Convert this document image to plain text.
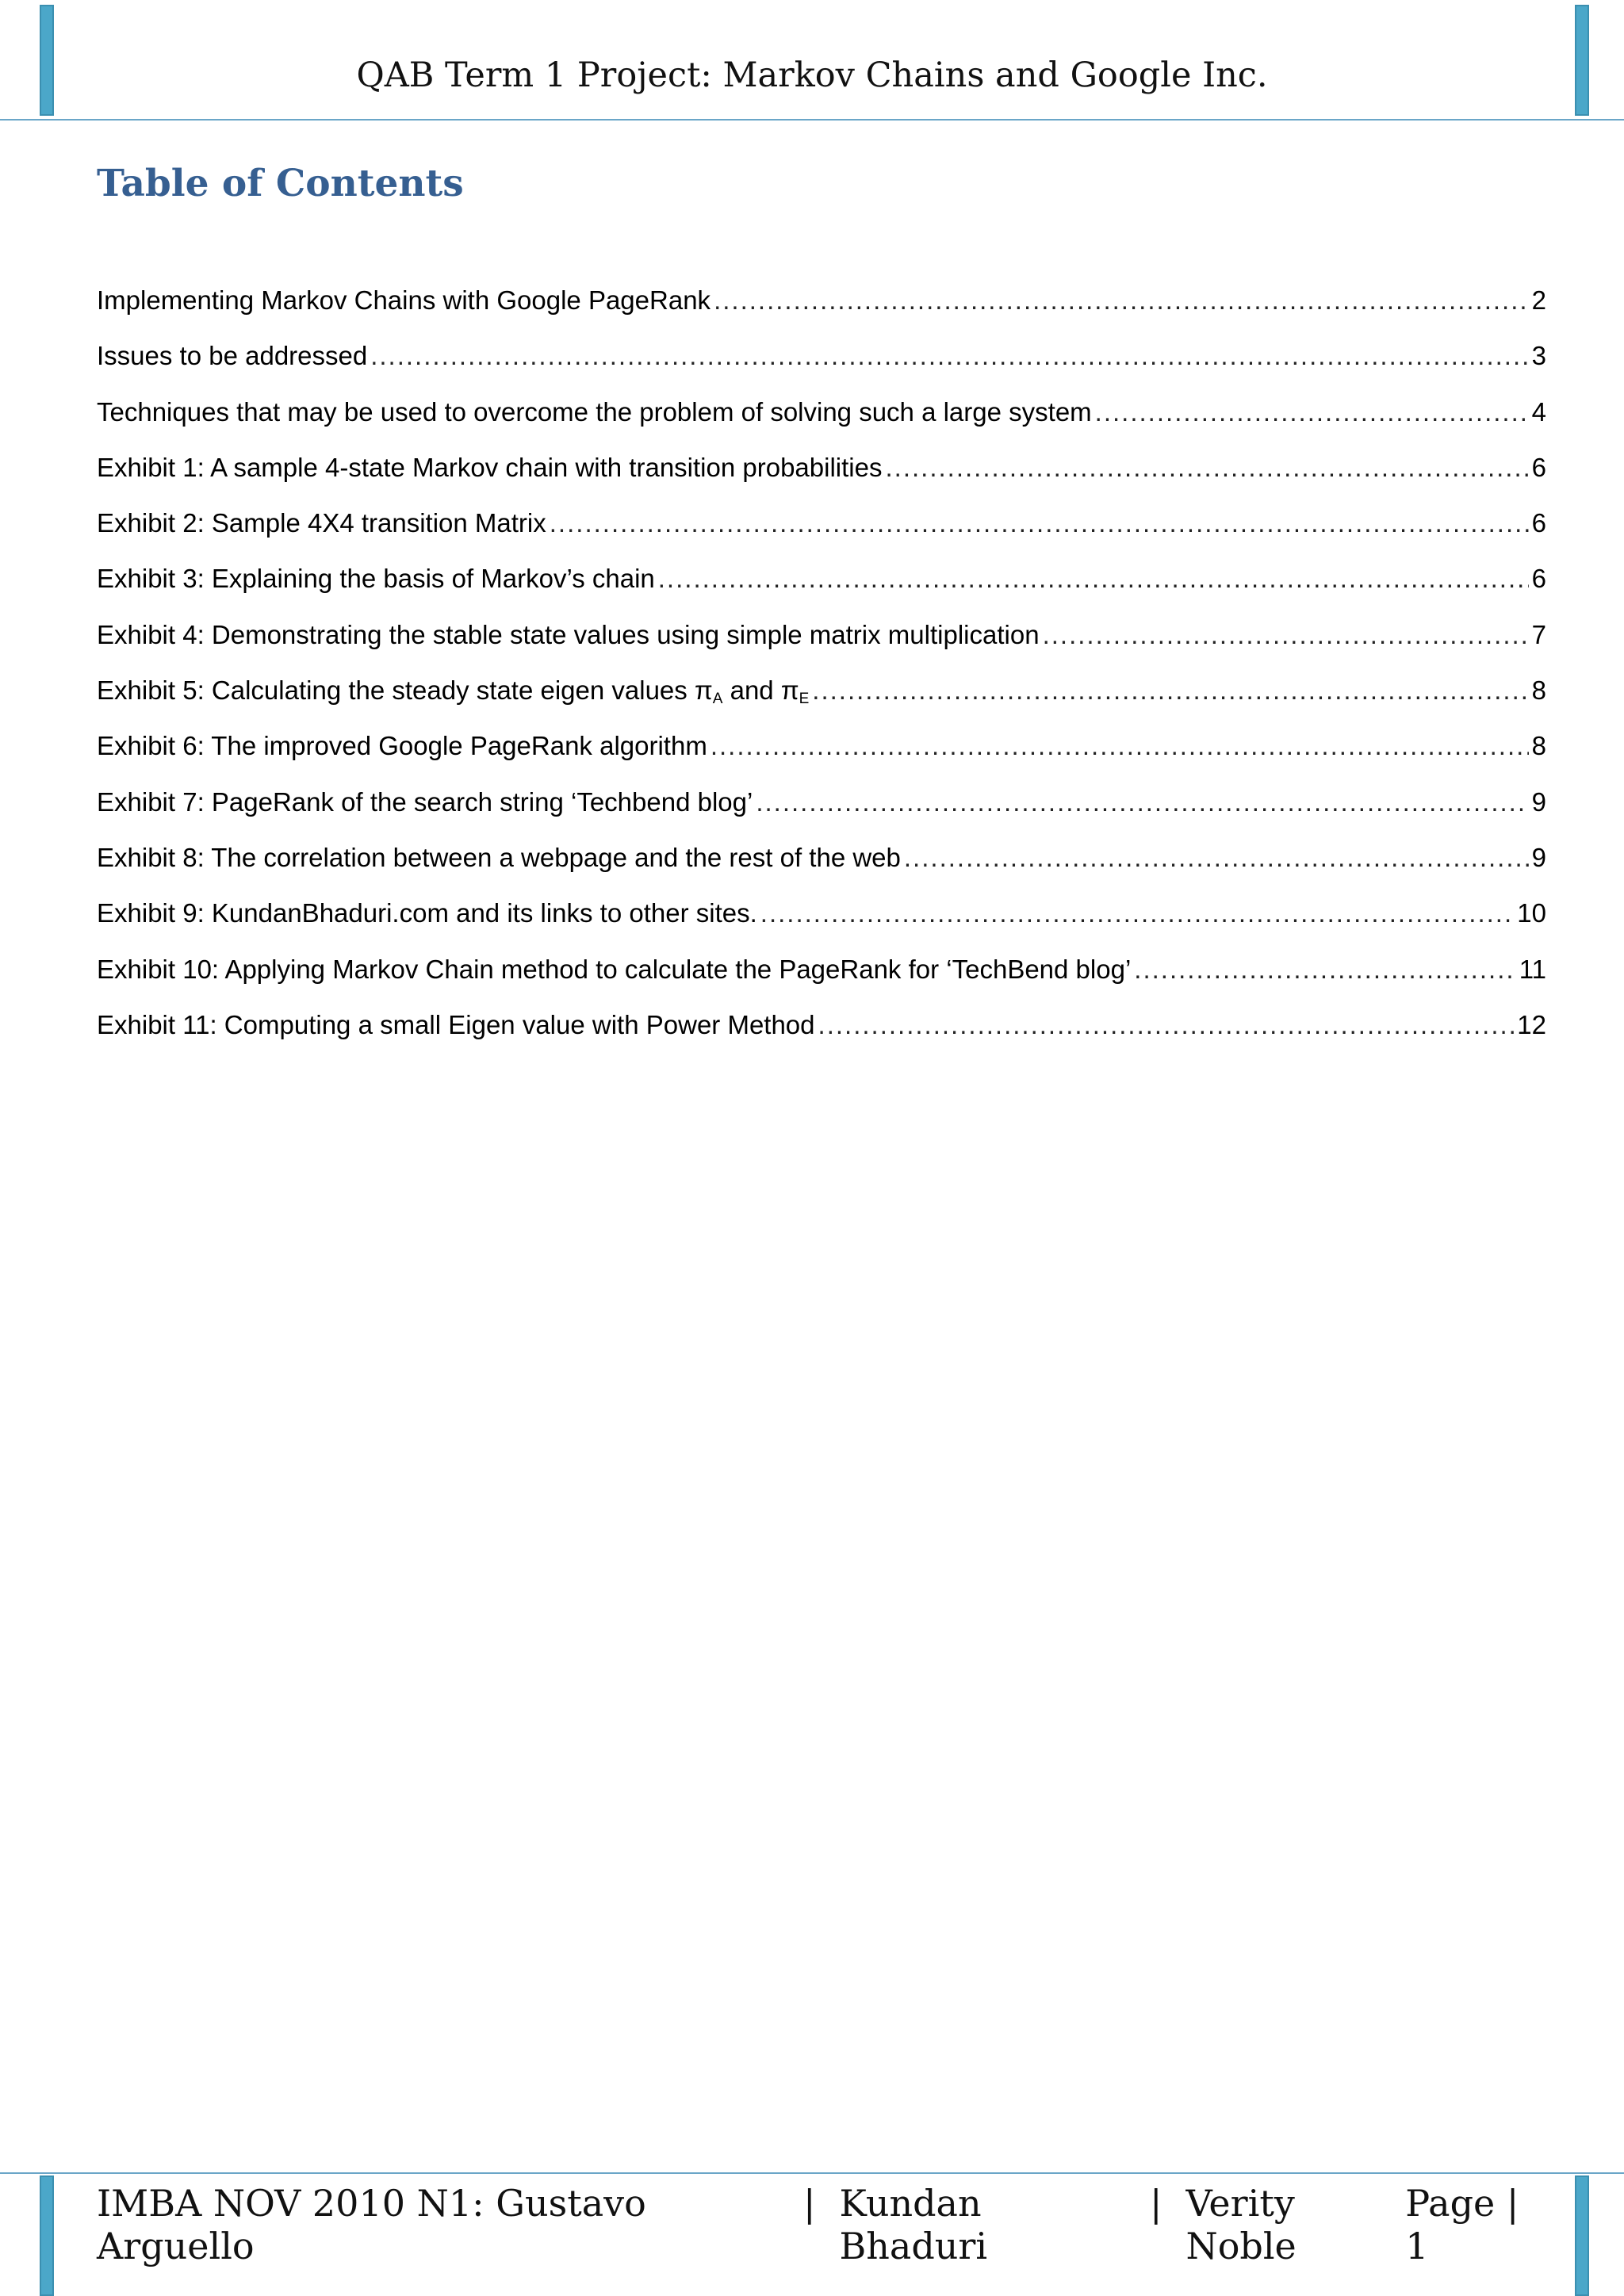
QAB Term 1 Project: Markov Chains and Google Inc.
Table of Contents
Implementing Markov Chains with Google PageRank .....	2
Issues to be addressed .....	3
Techniques that may be used to overcome the problem of solving such a large system .....	4
Exhibit 1: A sample 4-state Markov chain with transition probabilities .....	6
Exhibit 2: Sample 4X4 transition Matrix .....	6
Exhibit 3: Explaining the basis of Markov’s chain .....	6
Exhibit 4: Demonstrating the stable state values using simple matrix multiplication .....	7
Exhibit 5: Calculating the steady state eigen values $\pi_A$ and $\pi_E$ .....	8
Exhibit 6: The improved Google PageRank algorithm .....	8
Exhibit 7: PageRank of the search string ‘Techbend blog’ .....	9
Exhibit 8: The correlation between a webpage and the rest of the web .....	9
Exhibit 9: KundanBhaduri.com and its links to other sites. .....	10
Exhibit 10: Applying Markov Chain method to calculate the PageRank for ‘TechBend blog’ .....	11
Exhibit 11: Computing a small Eigen value with Power Method .....	12
IMBA NOV 2010 N1: Gustavo Arguello
| Kundan Bhaduri
| Verity Noble
Page | 1
